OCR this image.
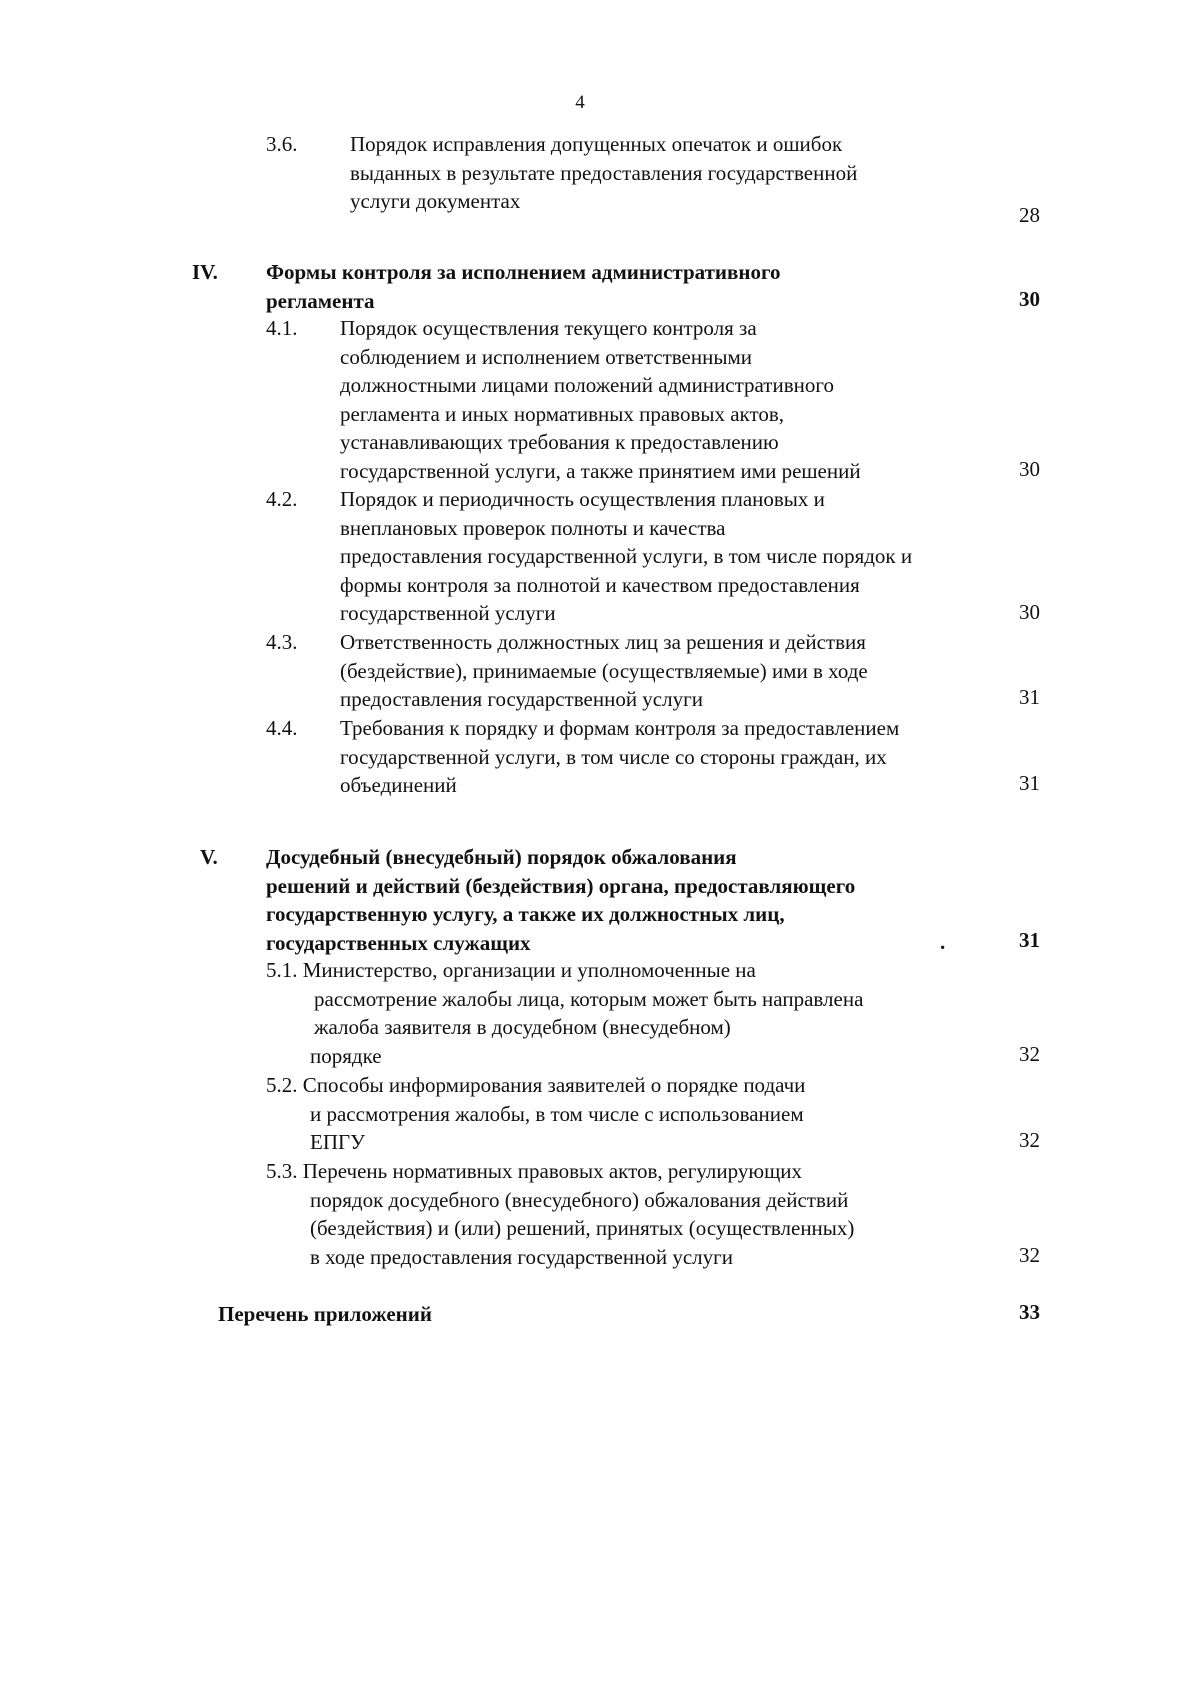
4
3.6.	Порядок исправления допущенных опечаток и ошибок
выданных в результате предоставления государственной
услуги документах
28
IV. Формы контроля за исполнением административного
регламента	30
4.1. Порядок осуществления текущего контроля за
соблюдением и исполнением ответственными
должностными лицами положений административного
регламента и иных нормативных правовых актов,
устанавливающих требования к предоставлению
государственной услуги, а также принятием ими решений	30
4.2. Порядок и периодичность осуществления плановых и
внеплановых проверок полноты и качества
предоставления государственной услуги, в том числе порядок и
формы контроля за полнотой и качеством предоставления
государственной услуги	30
4.3. Ответственность должностных лиц за решения и действия
(бездействие), принимаемые (осуществляемые) ими в ходе
предоставления государственной услуги	31
4.4. Требования к порядку и формам контроля за предоставлением
государственной услуги, в том числе со стороны граждан, их
объединений	31
V. Досудебный (внесудебный) порядок обжалования
решений и действий (бездействия) органа, предоставляющего
государственную услугу, а также их должностных лиц,
государственных служащих	.	31
5.1. Министерство, организации и уполномоченные на
рассмотрение жалобы лица, которым может быть направлена
жалоба заявителя в досудебном (внесудебном)
порядке	32
5.2. Способы информирования заявителей о порядке подачи
и рассмотрения жалобы, в том числе с использованием
ЕПГУ	32
5.3. Перечень нормативных правовых актов, регулирующих
порядок досудебного (внесудебного) обжалования действий
(бездействия) и (или) решений, принятых (осуществленных)
в ходе предоставления государственной услуги	32
Перечень приложений	33
